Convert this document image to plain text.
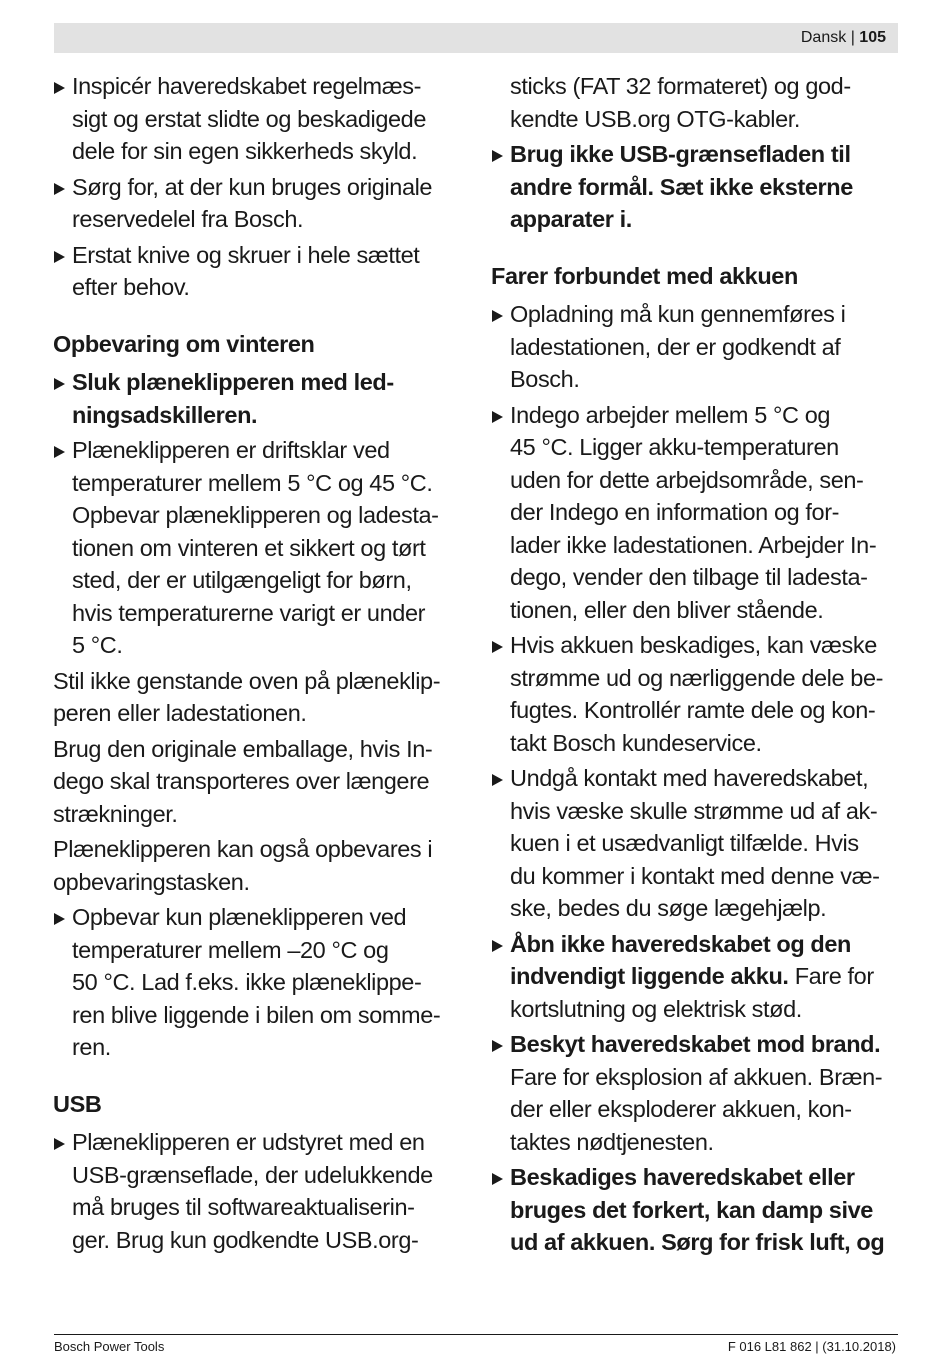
Dansk | 105
Inspicér haveredskabet regelmæs-
sigt og erstat slidte og beskadigede
dele for sin egen sikkerheds skyld.
Sørg for, at der kun bruges originale
reservedelel fra Bosch.
Erstat knive og skruer i hele sættet
efter behov.
Opbevaring om vinteren
Sluk plæneklipperen med led-
ningsadskilleren.
Plæneklipperen er driftsklar ved
temperaturer mellem 5 °C og 45 °C.
Opbevar plæneklipperen og ladesta-
tionen om vinteren et sikkert og tørt
sted, der er utilgængeligt for børn,
hvis temperaturerne varigt er under
5 °C.
Stil ikke genstande oven på plæneklip-
peren eller ladestationen.
Brug den originale emballage, hvis In-
dego skal transporteres over længere
strækninger.
Plæneklipperen kan også opbevares i
opbevaringstasken.
Opbevar kun plæneklipperen ved
temperaturer mellem –20 °C og
50 °C. Lad f.eks. ikke plæneklippe-
ren blive liggende i bilen om somme-
ren.
USB
Plæneklipperen er udstyret med en
USB-grænseflade, der udelukkende
må bruges til softwareaktualiserin-
ger. Brug kun godkendte USB.org-
sticks (FAT 32 formateret) og god-
kendte USB.org OTG-kabler.
Brug ikke USB-grænsefladen til
andre formål. Sæt ikke eksterne
apparater i.
Farer forbundet med akkuen
Opladning må kun gennemføres i
ladestationen, der er godkendt af
Bosch.
Indego arbejder mellem 5 °C og
45 °C. Ligger akku-temperaturen
uden for dette arbejdsområde, sen-
der Indego en information og for-
lader ikke ladestationen. Arbejder In-
dego, vender den tilbage til ladesta-
tionen, eller den bliver stående.
Hvis akkuen beskadiges, kan væske
strømme ud og nærliggende dele be-
fugtes. Kontrollér ramte dele og kon-
takt Bosch kundeservice.
Undgå kontakt med haveredskabet,
hvis væske skulle strømme ud af ak-
kuen i et usædvanligt tilfælde. Hvis
du kommer i kontakt med denne væ-
ske, bedes du søge lægehjælp.
Åbn ikke haveredskabet og den
indvendigt liggende akku. Fare for
kortslutning og elektrisk stød.
Beskyt haveredskabet mod brand.
Fare for eksplosion af akkuen. Bræn-
der eller eksploderer akkuen, kon-
taktes nødtjenesten.
Beskadiges haveredskabet eller
bruges det forkert, kan damp sive
ud af akkuen. Sørg for frisk luft, og
Bosch Power Tools	F 016 L81 862 | (31.10.2018)
